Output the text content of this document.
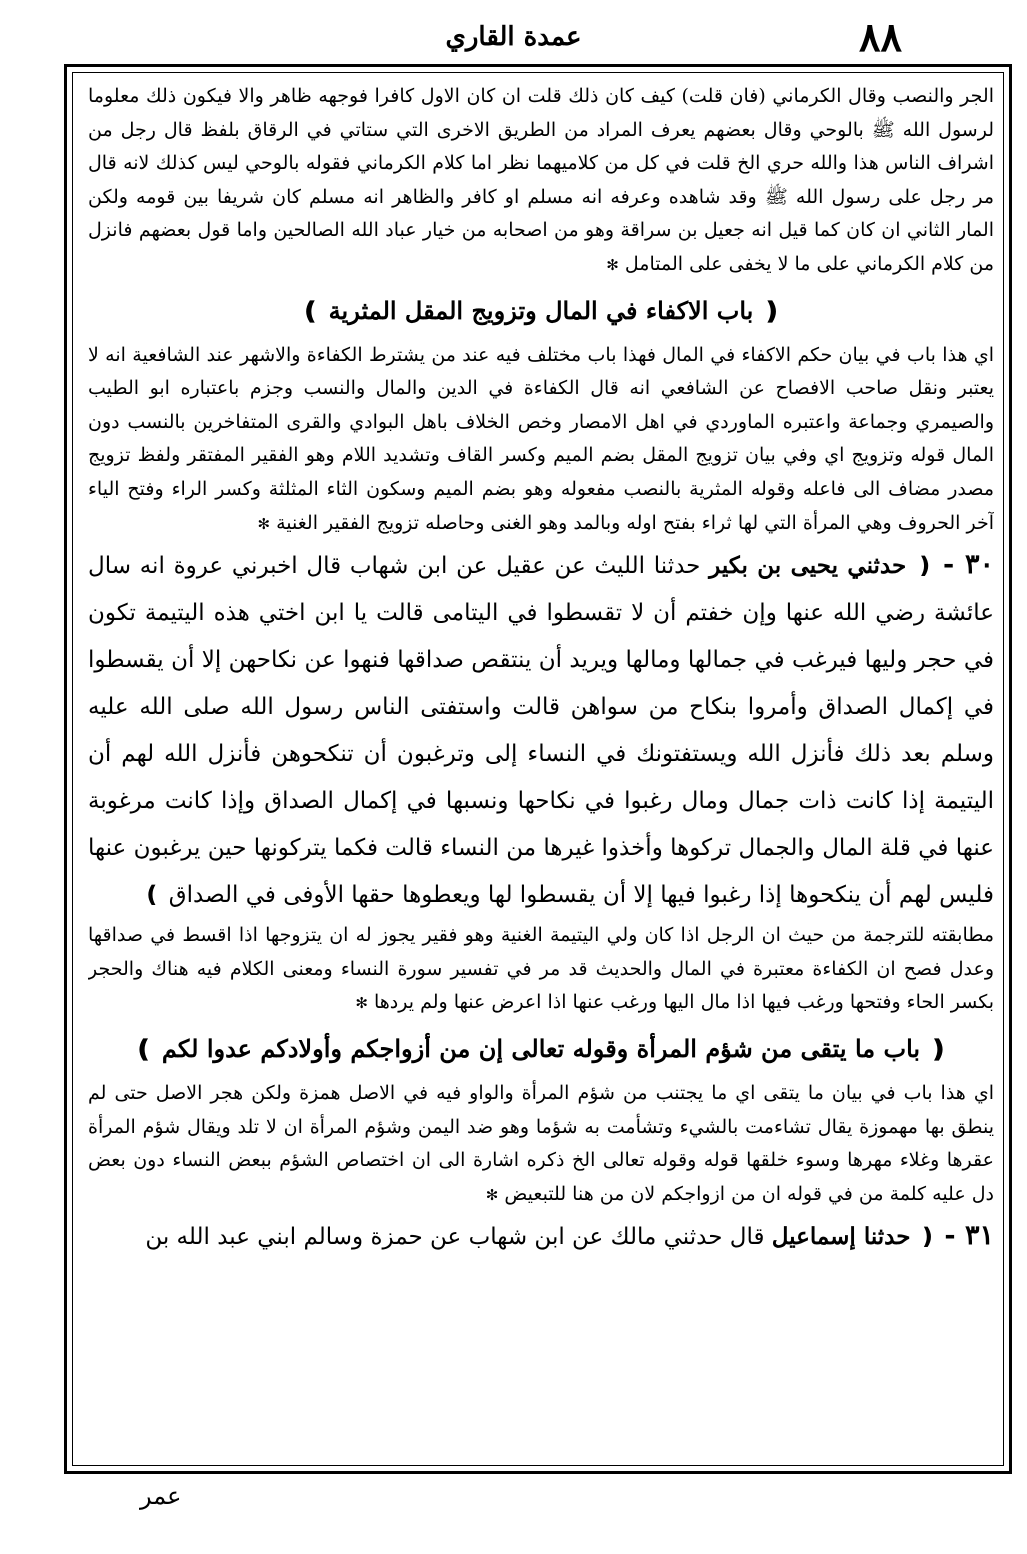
٨٨
عمدة القاري

الجر والنصب وقال الكرماني (فان قلت) كيف كان ذلك قلت ان كان الاول كافرا فوجهه ظاهر والا فيكون ذلك معلوما لرسول الله ﷺ بالوحي وقال بعضهم يعرف المراد من الطريق الاخرى التي ستاتي في الرقاق بلفظ قال رجل من اشراف الناس هذا والله حري الخ قلت في كل من كلاميهما نظر اما كلام الكرماني فقوله بالوحي ليس كذلك لانه قال مر رجل على رسول الله ﷺ وقد شاهده وعرفه انه مسلم او كافر والظاهر انه مسلم كان شريفا بين قومه ولكن المار الثاني ان كان كما قيل انه جعيل بن سراقة وهو من اصحابه من خيار عباد الله الصالحين واما قول بعضهم فانزل من كلام الكرماني على ما لا يخفى على المتامل ✻

❪ باب الاكفاء في المال وتزويج المقل المثرية ❫

اي هذا باب في بيان حكم الاكفاء في المال فهذا باب مختلف فيه عند من يشترط الكفاءة والاشهر عند الشافعية انه لا يعتبر ونقل صاحب الافصاح عن الشافعي انه قال الكفاءة في الدين والمال والنسب وجزم باعتباره ابو الطيب والصيمري وجماعة واعتبره الماوردي في اهل الامصار وخص الخلاف باهل البوادي والقرى المتفاخرين بالنسب دون المال قوله وتزويج اي وفي بيان تزويج المقل بضم الميم وكسر القاف وتشديد اللام وهو الفقير المفتقر ولفظ تزويج مصدر مضاف الى فاعله وقوله المثرية بالنصب مفعوله وهو بضم الميم وسكون الثاء المثلثة وكسر الراء وفتح الياء آخر الحروف وهي المرأة التي لها ثراء بفتح اوله وبالمد وهو الغنى وحاصله تزويج الفقير الغنية ✻

٣٠ - ❪ حدثني يحيى بن بكير حدثنا الليث عن عقيل عن ابن شهاب قال اخبرني عروة انه سال عائشة رضي الله عنها وإن خفتم أن لا تقسطوا في اليتامى قالت يا ابن اختي هذه اليتيمة تكون في حجر وليها فيرغب في جمالها ومالها ويريد أن ينتقص صداقها فنهوا عن نكاحهن إلا أن يقسطوا في إكمال الصداق وأمروا بنكاح من سواهن قالت واستفتى الناس رسول الله صلى الله عليه وسلم بعد ذلك فأنزل الله ويستفتونك في النساء إلى وترغبون أن تنكحوهن فأنزل الله لهم أن اليتيمة إذا كانت ذات جمال ومال رغبوا في نكاحها ونسبها في إكمال الصداق وإذا كانت مرغوبة عنها في قلة المال والجمال تركوها وأخذوا غيرها من النساء قالت فكما يتركونها حين يرغبون عنها فليس لهم أن ينكحوها إذا رغبوا فيها إلا أن يقسطوا لها ويعطوها حقها الأوفى في الصداق ❫

مطابقته للترجمة من حيث ان الرجل اذا كان ولي اليتيمة الغنية وهو فقير يجوز له ان يتزوجها اذا اقسط في صداقها وعدل فصح ان الكفاءة معتبرة في المال والحديث قد مر في تفسير سورة النساء ومعنى الكلام فيه هناك والحجر بكسر الحاء وفتحها ورغب فيها اذا مال اليها ورغب عنها اذا اعرض عنها ولم يردها ✻

❪ باب ما يتقى من شؤم المرأة وقوله تعالى إن من أزواجكم وأولادكم عدوا لكم ❫

اي هذا باب في بيان ما يتقى اي ما يجتنب من شؤم المرأة والواو فيه في الاصل همزة ولكن هجر الاصل حتى لم ينطق بها مهموزة يقال تشاءمت بالشيء وتشأمت به شؤما وهو ضد اليمن وشؤم المرأة ان لا تلد ويقال شؤم المرأة عقرها وغلاء مهرها وسوء خلقها قوله وقوله تعالى الخ ذكره اشارة الى ان اختصاص الشؤم ببعض النساء دون بعض دل عليه كلمة من في قوله ان من ازواجكم لان من هنا للتبعيض ✻

٣١ - ❪ حدثنا إسماعيل قال حدثني مالك عن ابن شهاب عن حمزة وسالم ابني عبد الله بن

عمر
